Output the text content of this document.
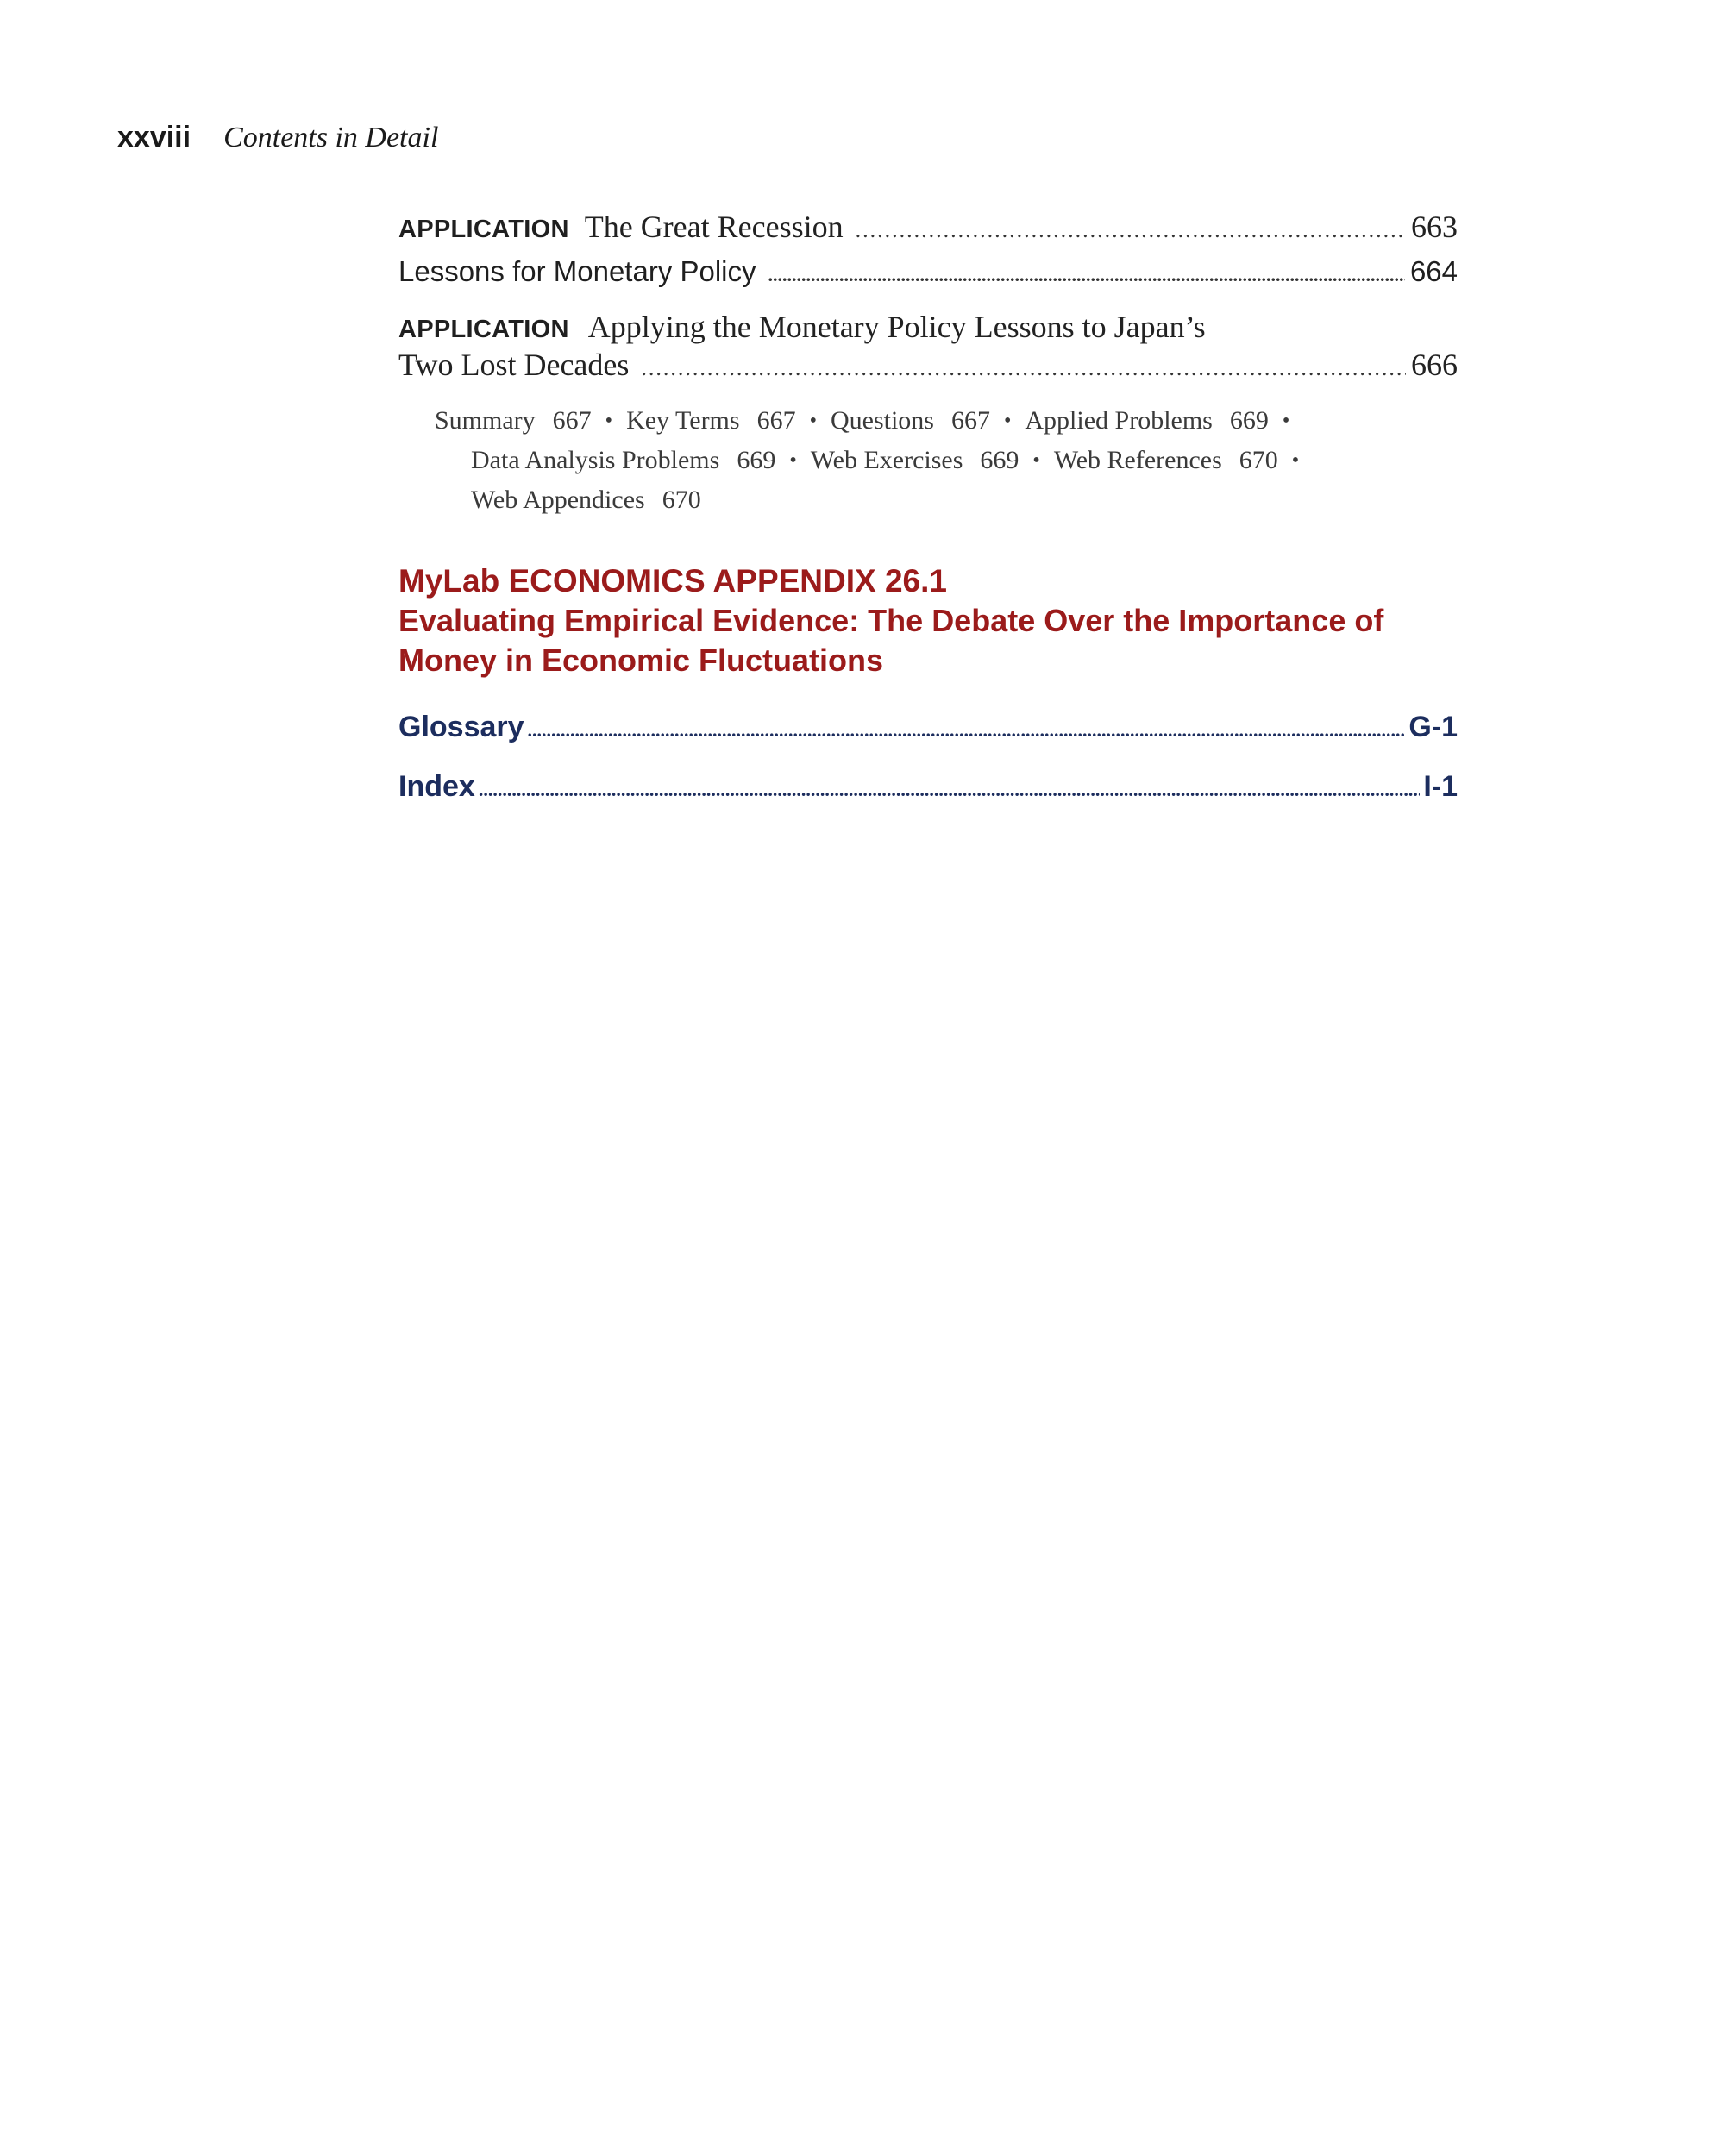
xxviii Contents in Detail
APPLICATION The Great Recession .....	663
Lessons for Monetary Policy .....	664
APPLICATION Applying the Monetary Policy Lessons to Japan’s
Two Lost Decades .....	666
Summary 667 • Key Terms 667 • Questions 667 • Applied Problems 669 •
Data Analysis Problems 669 • Web Exercises 669 • Web References 670 •
Web Appendices 670
MyLab ECONOMICS APPENDIX 26.1
Evaluating Empirical Evidence: The Debate Over the Importance of
Money in Economic Fluctuations
Glossary .....	G-1
Index .....	I-1
